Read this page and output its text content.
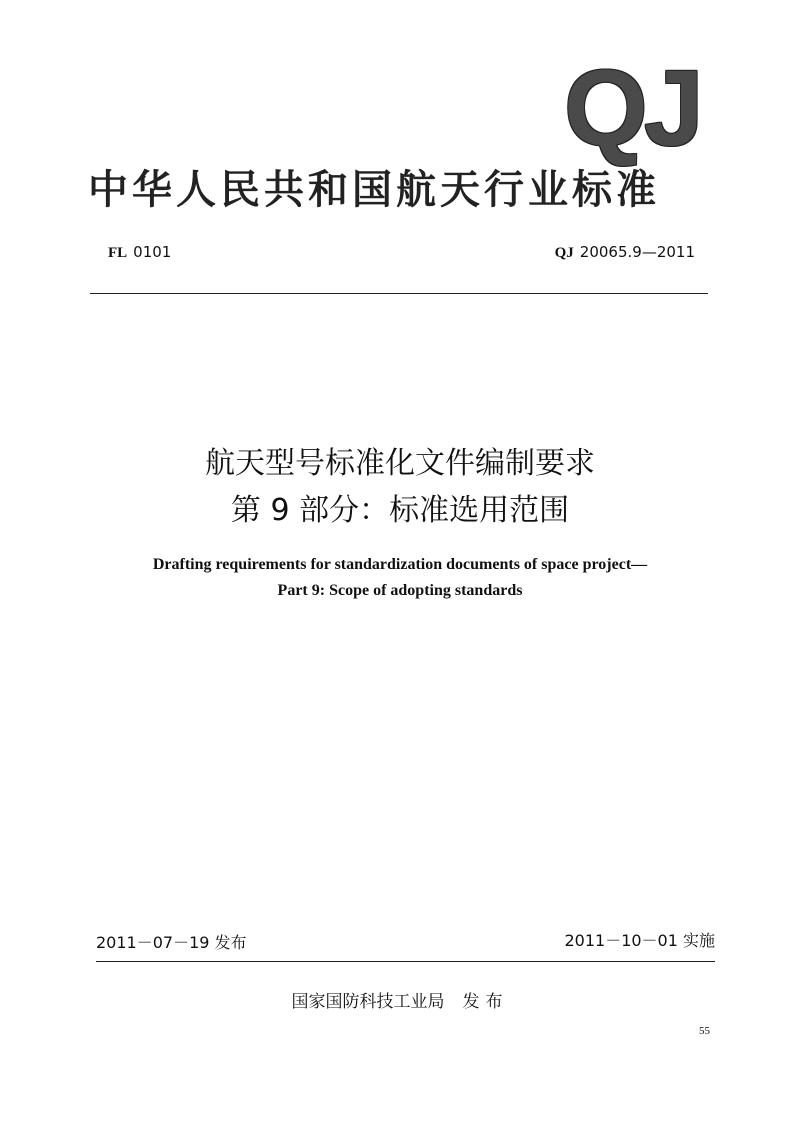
QJ
中华人民共和国航天行业标准
FL 0101	QJ 20065.9—2011
航天型号标准化文件编制要求
第 9 部分：标准选用范围
Drafting requirements for standardization documents of space project—
Part 9: Scope of adopting standards
2011－07－19 发布	2011－10－01 实施
国家国防科技工业局 发布
55
